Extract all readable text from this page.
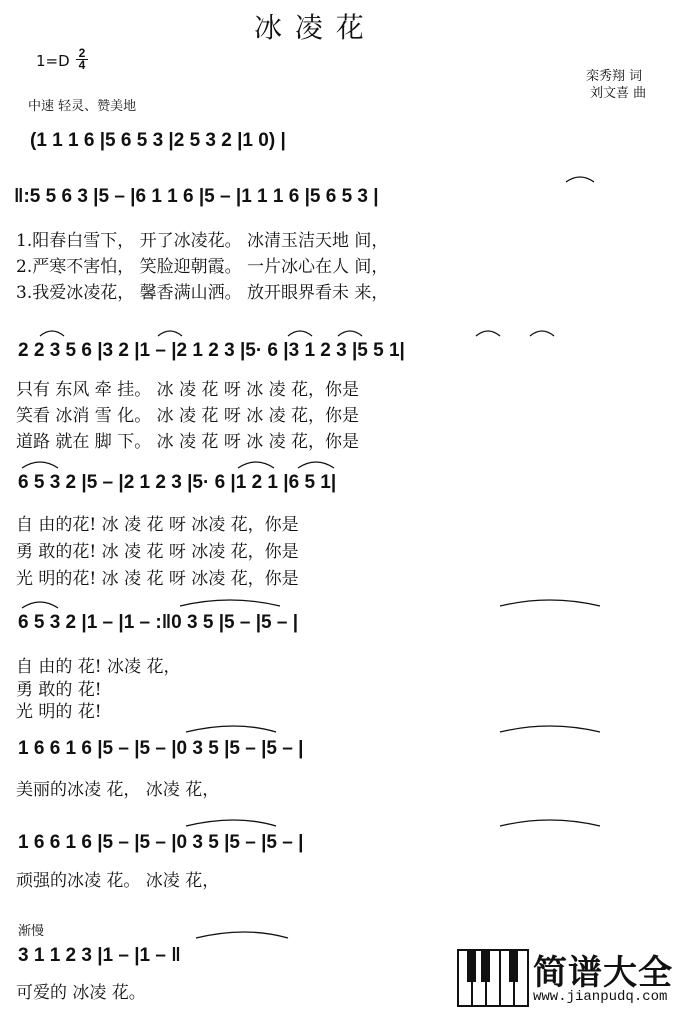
冰 凌 花
$1=D \frac{2}{4}$
中速 轻灵、赞美地
栾秀翔 词
刘文喜 曲
(1 1 1 6 |5 6 5 3 |2 5 3 2 |1 0) |
‖:5 5 6 3 |5 – |6 1 1 6 |5 – |1 1 1 6 |5 6 5 3 |
1.阳春白雪下， 开了冰凌花。 冰清玉洁天地 间，
2.严寒不害怕， 笑脸迎朝霞。 一片冰心在人 间，
3.我爱冰凌花， 馨香满山洒。 放开眼界看未 来，
2 2 3 5 6 |3 2 |1 – |2 1 2 3 |5· 6 |3 1 2 3 |5 5 1|
只有 东风 牵 挂。 冰 凌 花 呀 冰 凌 花，你是
笑看 冰消 雪 化。 冰 凌 花 呀 冰 凌 花，你是
道路 就在 脚 下。 冰 凌 花 呀 冰 凌 花，你是
6 5 3 2 |5 – |2 1 2 3 |5· 6 |1 2 1 |6 5 1|
自 由的花! 冰 凌 花 呀 冰凌 花，你是
勇 敢的花! 冰 凌 花 呀 冰凌 花，你是
光 明的花! 冰 凌 花 呀 冰凌 花，你是
6 5 3 2 |1 – |1 – :‖0 3 5 |5 – |5 – |
自 由的 花! 冰凌 花，
勇 敢的 花!
光 明的 花!
1 6 6 1 6 |5 – |5 – |0 3 5 |5 – |5 – |
美丽的冰凌 花， 冰凌 花，
1 6 6 1 6 |5 – |5 – |0 3 5 |5 – |5 – |
顽强的冰凌 花。 冰凌 花，
渐慢
3 1 1 2 3 |1 – |1 – ‖
可爱的 冰凌 花。	简谱大全
www.jianpudq.com
